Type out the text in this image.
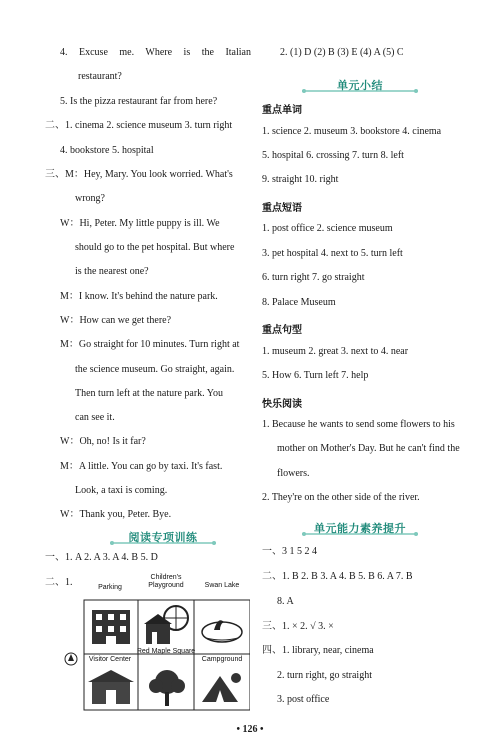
4. Excuse me. Where is the Italian
restaurant?
5. Is the pizza restaurant far from here?
二、1. cinema 2. science museum 3. turn right
4. bookstore 5. hospital
三、M：Hey, Mary. You look worried. What's
wrong?
W：Hi, Peter. My little puppy is ill. We
should go to the pet hospital. But where
is the nearest one?
M：I know. It's behind the nature park.
W：How can we get there?
M：Go straight for 10 minutes. Turn right at
the science museum. Go straight, again.
Then turn left at the nature park. You
can see it.
W：Oh, no! Is it far?
M：A little. You can go by taxi. It's fast.
Look, a taxi is coming.
W：Thank you, Peter. Bye.
阅读专项训练
一、1. A 2. A 3. A 4. B 5. D
二、1.	Parking
Children's Playground	Swan Lake
Visitor Center
Red Maple Square
Campground
2. (1) D (2) B (3) E (4) A (5) C
单元小结
重点单词
1. science 2. museum 3. bookstore 4. cinema
5. hospital 6. crossing 7. turn 8. left
9. straight 10. right
重点短语
1. post office 2. science museum
3. pet hospital 4. next to 5. turn left
6. turn right 7. go straight
8. Palace Museum
重点句型
1. museum 2. great 3. next to 4. near
5. How 6. Turn left 7. help
快乐阅读
1. Because he wants to send some flowers to his
mother on Mother's Day. But he can't find the
flowers.
2. They're on the other side of the river.
单元能力素养提升
一、3 1 5 2 4
二、1. B 2. B 3. A 4. B 5. B 6. A 7. B
8. A
三、1. × 2. √ 3. ×
四、1. library, near, cinema
2. turn right, go straight
3. post office
• 126 •
